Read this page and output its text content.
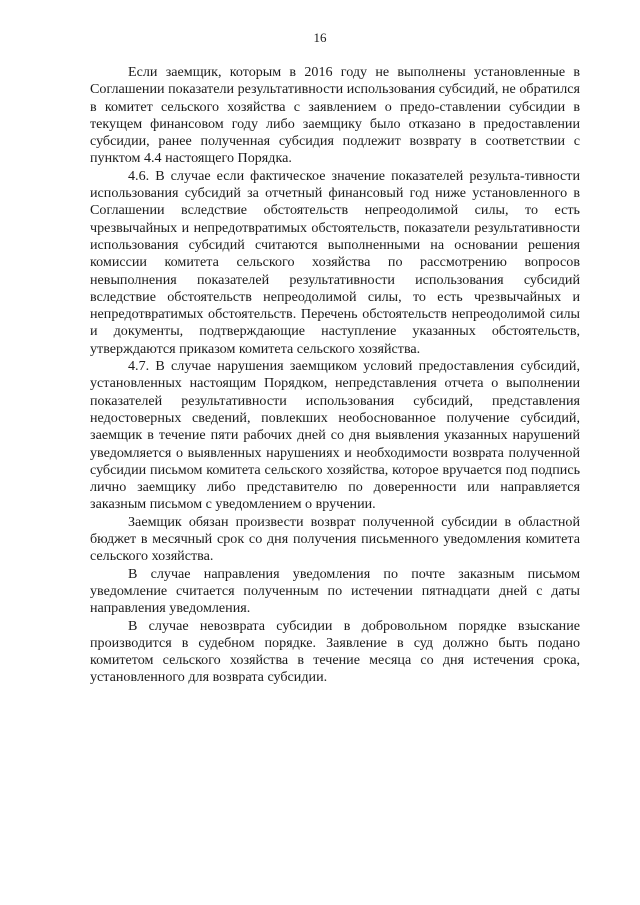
16

Если заемщик, которым в 2016 году не выполнены установленные в Соглашении показатели результативности использования субсидий, не обратился в комитет сельского хозяйства с заявлением о предо-ставлении субсидии в текущем финансовом году либо заемщику было отказано в предоставлении субсидии, ранее полученная субсидия подлежит возврату в соответствии с пунктом 4.4 настоящего Порядка.

4.6. В случае если фактическое значение показателей результа-тивности использования субсидий за отчетный финансовый год ниже установленного в Соглашении вследствие обстоятельств непреодолимой силы, то есть чрезвычайных и непредотвратимых обстоятельств, показатели результативности использования субсидий считаются выполненными на основании решения комиссии комитета сельского хозяйства по рассмотрению вопросов невыполнения показателей результативности использования субсидий вследствие обстоятельств непреодолимой силы, то есть чрезвычайных и непредотвратимых обстоятельств. Перечень обстоятельств непреодолимой силы и документы, подтверждающие наступление указанных обстоятельств, утверждаются приказом комитета сельского хозяйства.

4.7. В случае нарушения заемщиком условий предоставления субсидий, установленных настоящим Порядком, непредставления отчета о выполнении показателей результативности использования субсидий, представления недостоверных сведений, повлекших необоснованное получение субсидий, заемщик в течение пяти рабочих дней со дня выявления указанных нарушений уведомляется о выявленных нарушениях и необходимости возврата полученной субсидии письмом комитета сельского хозяйства, которое вручается под подпись лично заемщику либо представителю по доверенности или направляется заказным письмом с уведомлением о вручении.

Заемщик обязан произвести возврат полученной субсидии в областной бюджет в месячный срок со дня получения письменного уведомления комитета сельского хозяйства.

В случае направления уведомления по почте заказным письмом уведомление считается полученным по истечении пятнадцати дней с даты направления уведомления.

В случае невозврата субсидии в добровольном порядке взыскание производится в судебном порядке. Заявление в суд должно быть подано комитетом сельского хозяйства в течение месяца со дня истечения срока, установленного для возврата субсидии.
